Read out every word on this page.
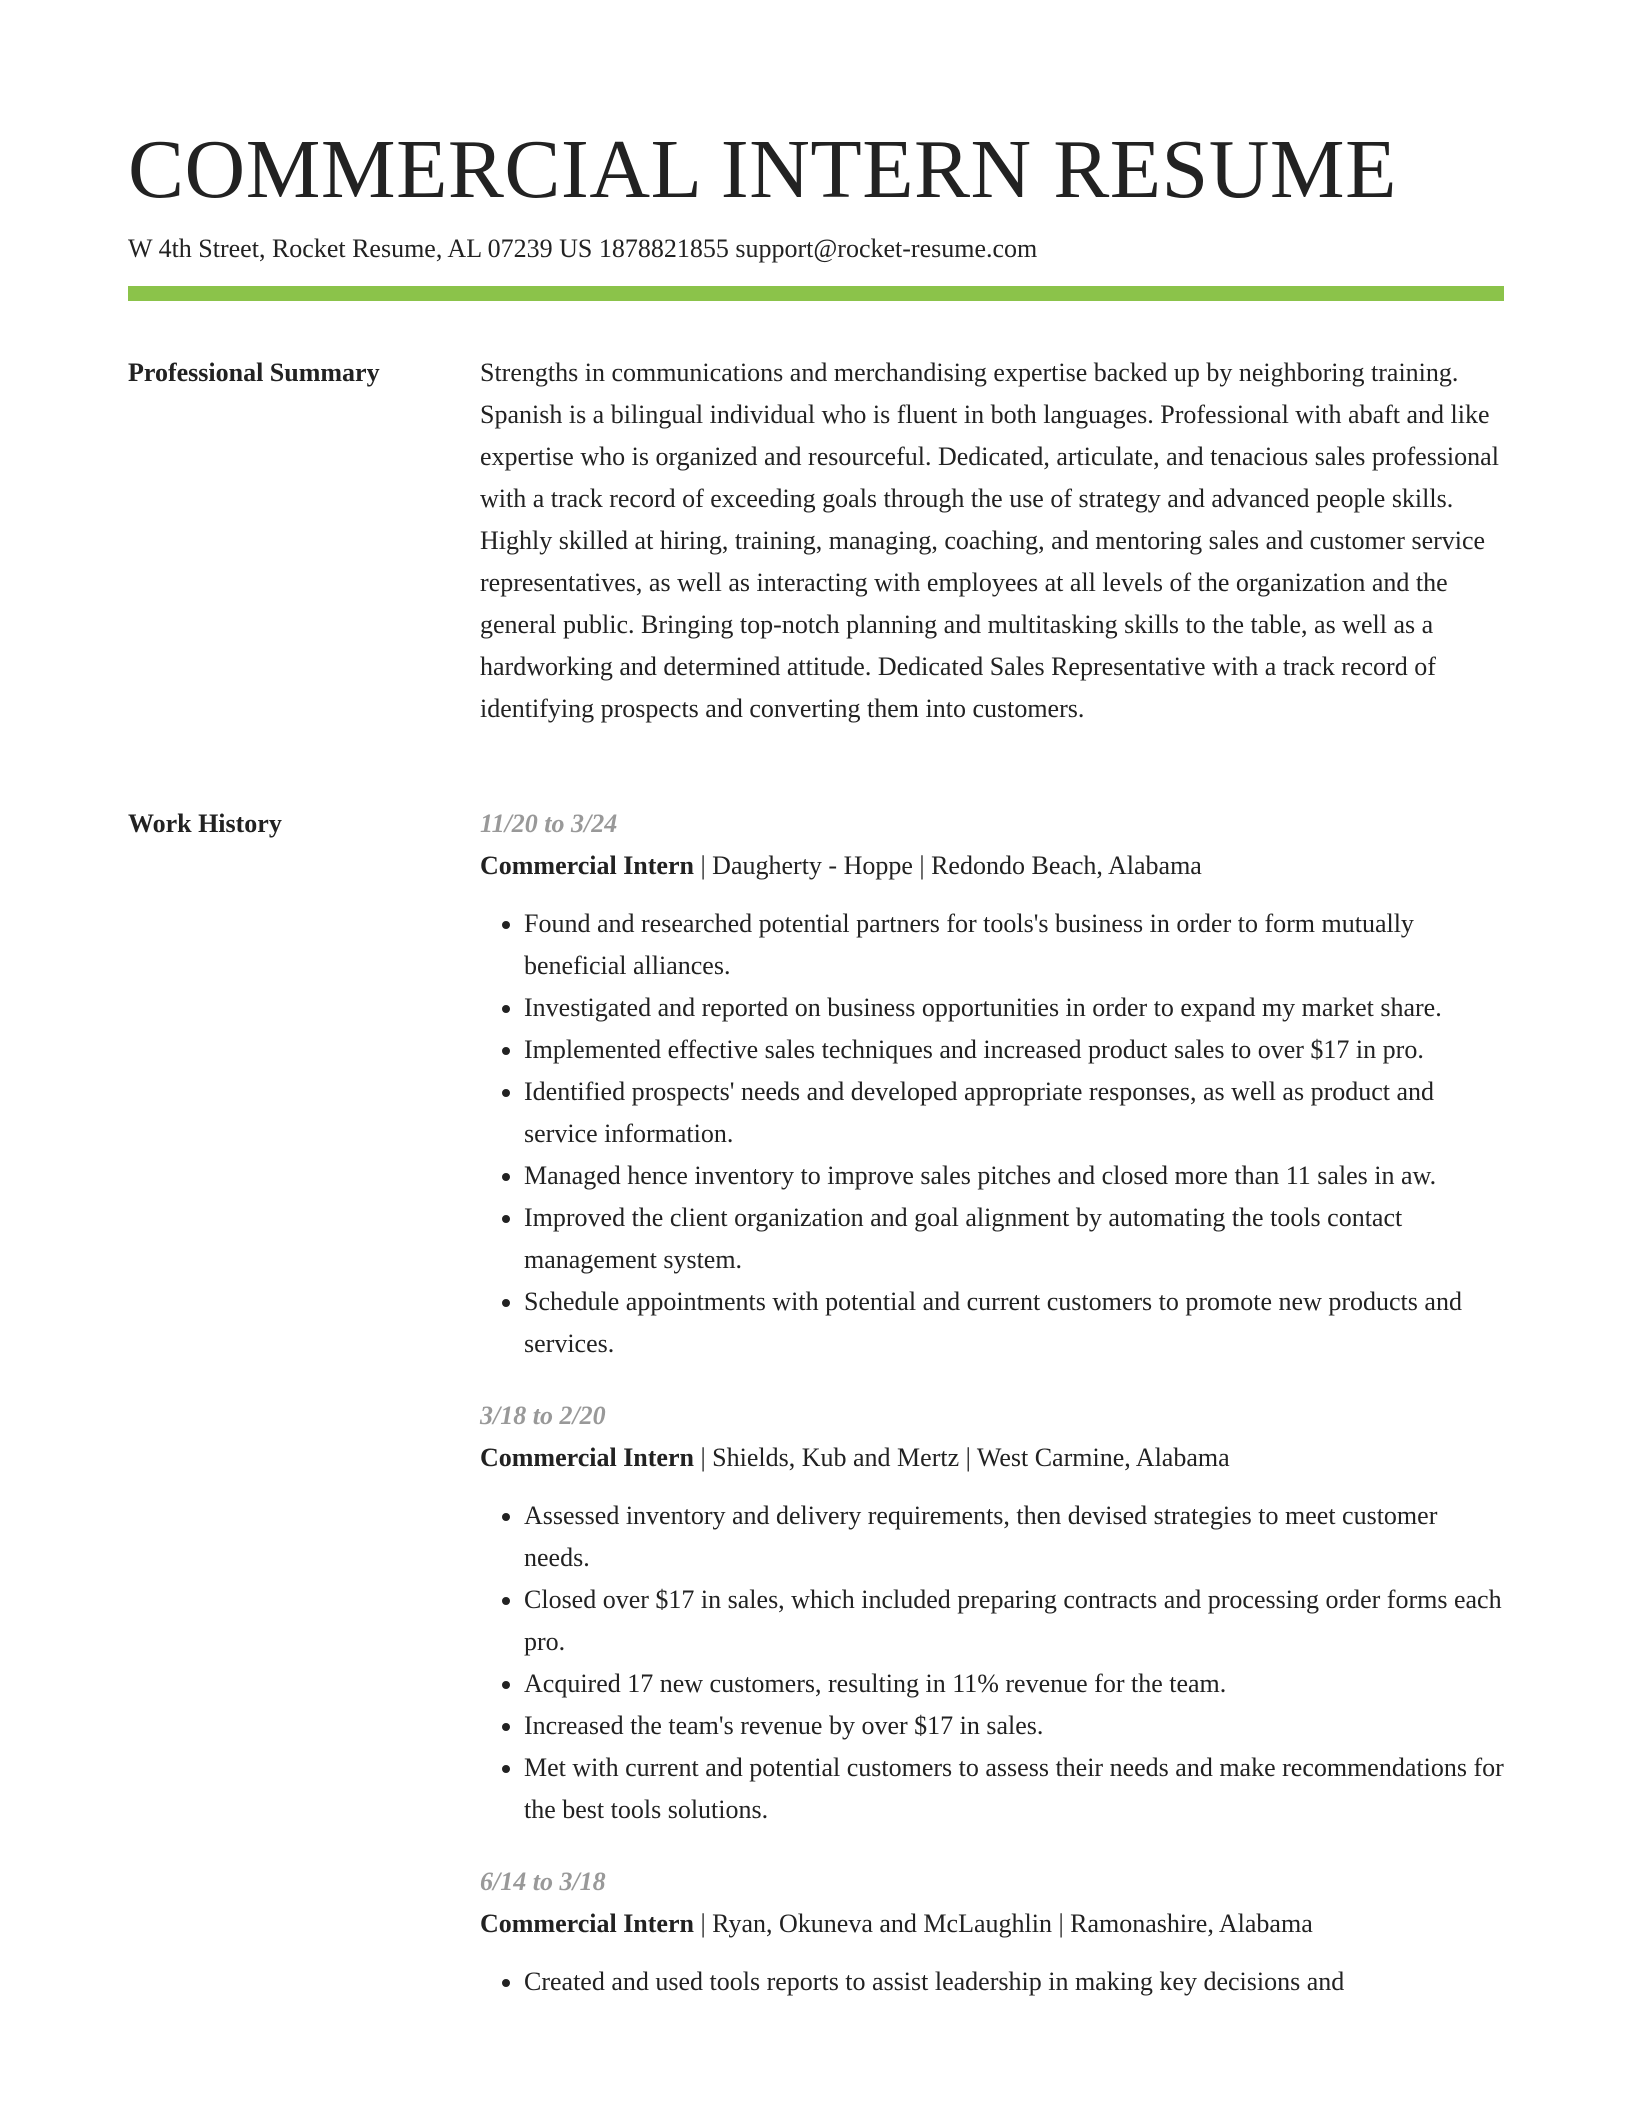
COMMERCIAL INTERN RESUME
W 4th Street, Rocket Resume, AL 07239 US 1878821855 support@rocket-resume.com
Professional Summary	Strengths in communications and merchandising expertise backed up by neighboring training. Spanish is a bilingual individual who is fluent in both languages. Professional with abaft and like expertise who is organized and resourceful. Dedicated, articulate, and tenacious sales professional with a track record of exceeding goals through the use of strategy and advanced people skills. Highly skilled at hiring, training, managing, coaching, and mentoring sales and customer service representatives, as well as interacting with employees at all levels of the organization and the general public. Bringing top-notch planning and multitasking skills to the table, as well as a hardworking and determined attitude. Dedicated Sales Representative with a track record of identifying prospects and converting them into customers.

Work History	11/20 to 3/24
Commercial Intern | Daugherty - Hoppe | Redondo Beach, Alabama
• Found and researched potential partners for tools's business in order to form mutually beneficial alliances.
• Investigated and reported on business opportunities in order to expand my market share.
• Implemented effective sales techniques and increased product sales to over $17 in pro.
• Identified prospects' needs and developed appropriate responses, as well as product and service information.
• Managed hence inventory to improve sales pitches and closed more than 11 sales in aw.
• Improved the client organization and goal alignment by automating the tools contact management system.
• Schedule appointments with potential and current customers to promote new products and services.
3/18 to 2/20
Commercial Intern | Shields, Kub and Mertz | West Carmine, Alabama
• Assessed inventory and delivery requirements, then devised strategies to meet customer needs.
• Closed over $17 in sales, which included preparing contracts and processing order forms each pro.
• Acquired 17 new customers, resulting in 11% revenue for the team.
• Increased the team's revenue by over $17 in sales.
• Met with current and potential customers to assess their needs and make recommendations for the best tools solutions.
6/14 to 3/18
Commercial Intern | Ryan, Okuneva and McLaughlin | Ramonashire, Alabama
• Created and used tools reports to assist leadership in making key decisions and
